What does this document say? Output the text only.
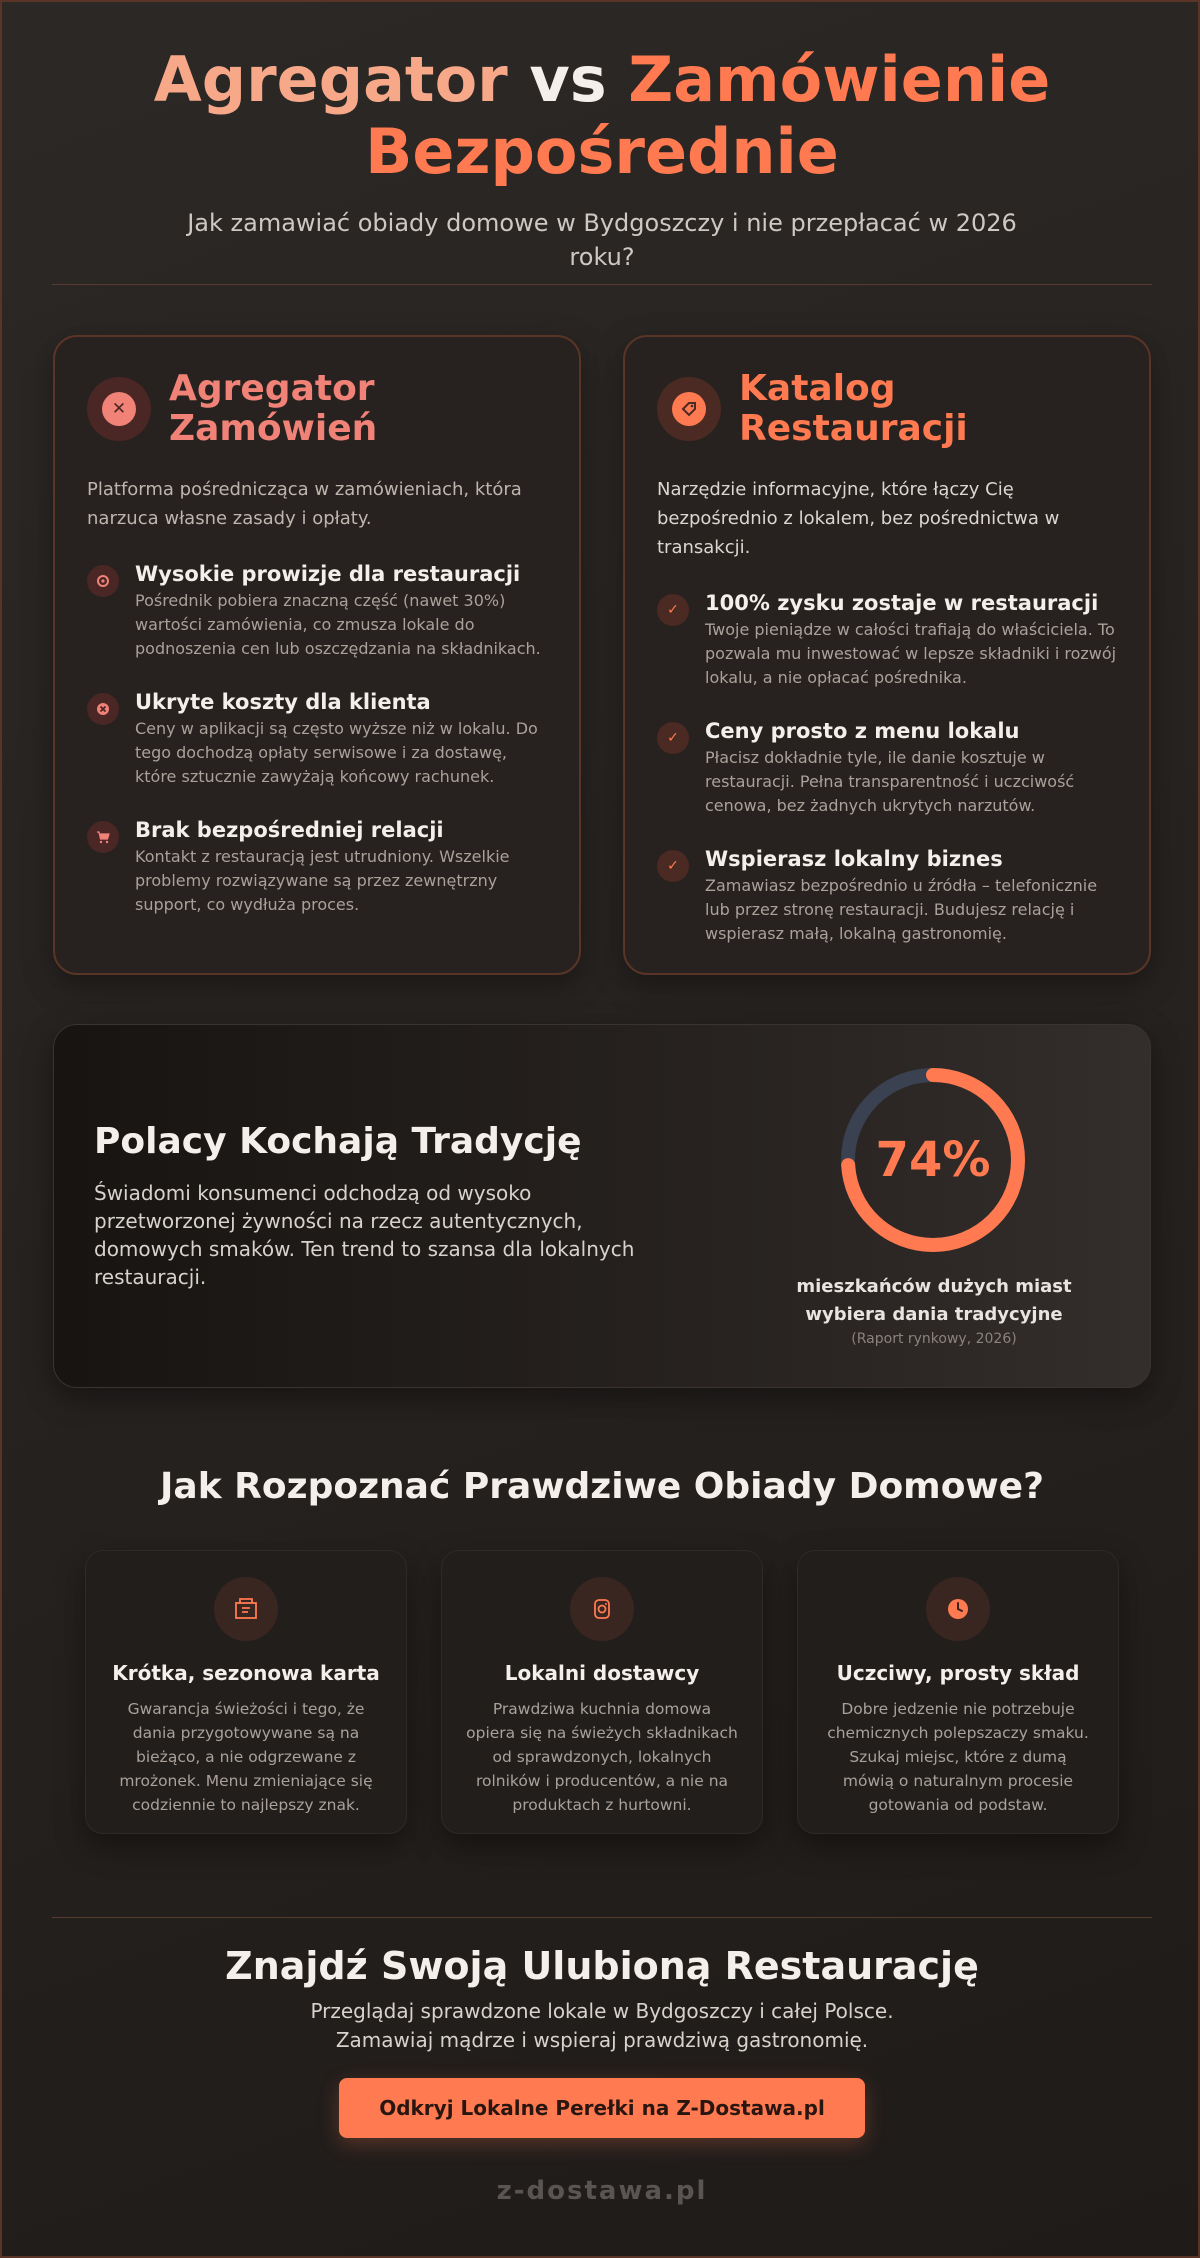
Agregator vs Zamówienie Bezpośrednie

Jak zamawiać obiady domowe w Bydgoszczy i nie przepłacać w 2026 roku?

✕ Agregator Zamówień

Platforma pośrednicząca w zamówieniach, która narzuca własne zasady i opłaty.

Wysokie prowizje dla restauracji
Pośrednik pobiera znaczną część (nawet 30%) wartości zamówienia, co zmusza lokale do podnoszenia cen lub oszczędzania na składnikach.
Ukryte koszty dla klienta
Ceny w aplikacji są często wyższe niż w lokalu. Do tego dochodzą opłaty serwisowe i za dostawę, które sztucznie zawyżają końcowy rachunek.
Brak bezpośredniej relacji
Kontakt z restauracją jest utrudniony. Wszelkie problemy rozwiązywane są przez zewnętrzny support, co wydłuża proces.
Katalog Restauracji

Narzędzie informacyjne, które łączy Cię bezpośrednio z lokalem, bez pośrednictwa w transakcji.

✓	100% zysku zostaje w restauracji
Twoje pieniądze w całości trafiają do właściciela. To pozwala mu inwestować w lepsze składniki i rozwój lokalu, a nie opłacać pośrednika.
✓	Ceny prosto z menu lokalu
Płacisz dokładnie tyle, ile danie kosztuje w restauracji. Pełna transparentność i uczciwość cenowa, bez żadnych ukrytych narzutów.
✓	Wspierasz lokalny biznes
Zamawiasz bezpośrednio u źródła – telefonicznie lub przez stronę restauracji. Budujesz relację i wspierasz małą, lokalną gastronomię.
Polacy Kochają Tradycję

Świadomi konsumenci odchodzą od wysoko przetworzonej żywności na rzecz autentycznych, domowych smaków. Ten trend to szansa dla lokalnych restauracji.

74%
mieszkańców dużych miast wybiera dania tradycyjne
(Raport rynkowy, 2026)
Jak Rozpoznać Prawdziwe Obiady Domowe?
Krótka, sezonowa karta
Gwarancja świeżości i tego, że dania przygotowywane są na bieżąco, a nie odgrzewane z mrożonek. Menu zmieniające się codziennie to najlepszy znak.
Lokalni dostawcy
Prawdziwa kuchnia domowa opiera się na świeżych składnikach od sprawdzonych, lokalnych rolników i producentów, a nie na produktach z hurtowni.
Uczciwy, prosty skład
Dobre jedzenie nie potrzebuje chemicznych polepszaczy smaku. Szukaj miejsc, które z dumą mówią o naturalnym procesie gotowania od podstaw.
Znajdź Swoją Ulubioną Restaurację
Przeglądaj sprawdzone lokale w Bydgoszczy i całej Polsce.
Zamawiaj mądrze i wspieraj prawdziwą gastronomię.
Odkryj Lokalne Perełki na Z-Dostawa.pl
z-dostawa.pl
